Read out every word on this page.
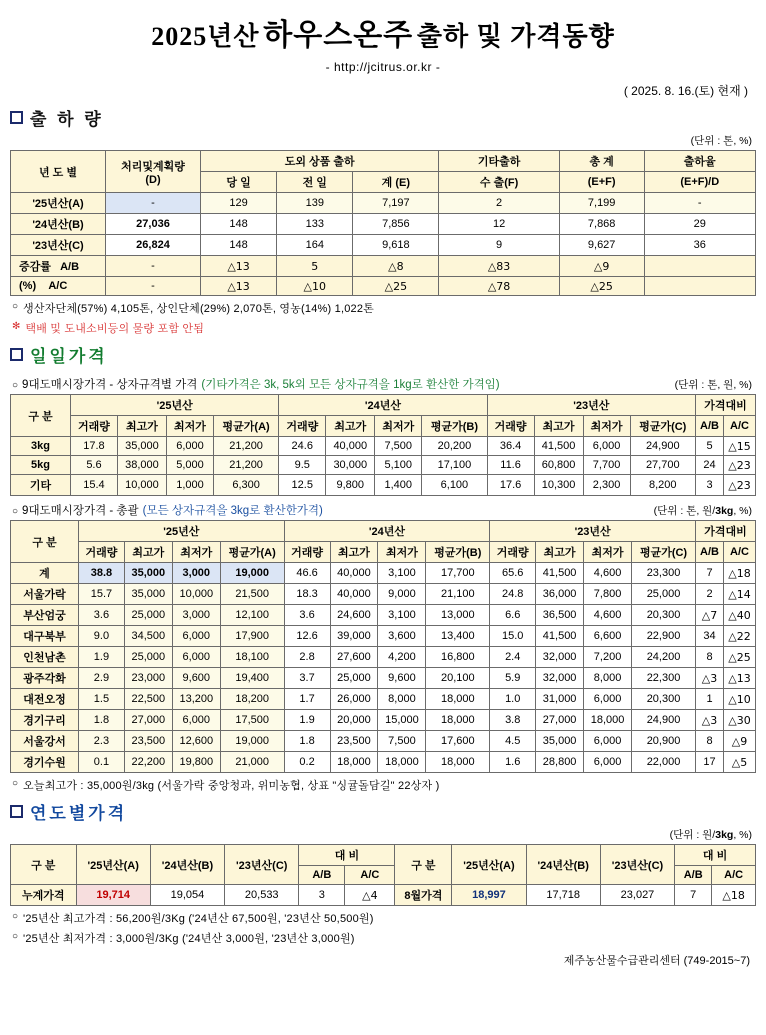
2025년산 하우스온주 출하 및 가격동향
- http://jcitrus.or.kr -
( 2025. 8. 16.(토) 현재 )
출 하 량
(단위 : 톤, %)
년 도 별	처리및계획량
(D)	도외 상품 출하			기타출하	총 계	출하율
		당 일	전 일	계 (E)	수 출(F)	(E+F)	(E+F)/D
'25년산(A)	-	129	139	7,197	2	7,199	-
'24년산(B)	27,036	148	133	7,856	12	7,868	29
'23년산(C)	26,824	148	164	9,618	9	9,627	36
증감률 A/B	-	△13	5	△8	△83	△9	
(%) A/C	-	△13	△10	△25	△78	△25	
○ 생산자단체(57%) 4,105톤, 상인단체(29%) 2,070톤, 영농(14%) 1,022톤
✻ 택배 및 도내소비등의 물량 포함 안됨
일일가격
○ 9대도매시장가격 - 상자규격별 가격 (기타가격은 3k, 5k외 모든 상자규격을 1kg로 환산한 가격임)	(단위 : 톤, 원, %)
구 분	'25년산				'24년산				'23년산				가격대비	
	거래량	최고가	최저가	평균가(A)	거래량	최고가	최저가	평균가(B)	거래량	최고가	최저가	평균가(C)	A/B	A/C
3kg	17.8	35,000	6,000	21,200	24.6	40,000	7,500	20,200	36.4	41,500	6,000	24,900	5	△15
5kg	5.6	38,000	5,000	21,200	9.5	30,000	5,100	17,100	11.6	60,800	7,700	27,700	24	△23
기타	15.4	10,000	1,000	6,300	12.5	9,800	1,400	6,100	17.6	10,300	2,300	8,200	3	△23
○ 9대도매시장가격 - 총괄 (모든 상자규격을 3kg로 환산한가격)	(단위 : 톤, 원/3kg, %)
구 분	'25년산				'24년산				'23년산				가격대비	
	거래량	최고가	최저가	평균가(A)	거래량	최고가	최저가	평균가(B)	거래량	최고가	최저가	평균가(C)	A/B	A/C
계	38.8	35,000	3,000	19,000	46.6	40,000	3,100	17,700	65.6	41,500	4,600	23,300	7	△18
서울가락	15.7	35,000	10,000	21,500	18.3	40,000	9,000	21,100	24.8	36,000	7,800	25,000	2	△14
부산엄궁	3.6	25,000	3,000	12,100	3.6	24,600	3,100	13,000	6.6	36,500	4,600	20,300	△7	△40
대구북부	9.0	34,500	6,000	17,900	12.6	39,000	3,600	13,400	15.0	41,500	6,600	22,900	34	△22
인천남촌	1.9	25,000	6,000	18,100	2.8	27,600	4,200	16,800	2.4	32,000	7,200	24,200	8	△25
광주각화	2.9	23,000	9,600	19,400	3.7	25,000	9,600	20,100	5.9	32,000	8,000	22,300	△3	△13
대전오정	1.5	22,500	13,200	18,200	1.7	26,000	8,000	18,000	1.0	31,000	6,000	20,300	1	△10
경기구리	1.8	27,000	6,000	17,500	1.9	20,000	15,000	18,000	3.8	27,000	18,000	24,900	△3	△30
서울강서	2.3	23,500	12,600	19,000	1.8	23,500	7,500	17,600	4.5	35,000	6,000	20,900	8	△9
경기수원	0.1	22,200	19,800	21,000	0.2	18,000	18,000	18,000	1.6	28,800	6,000	22,000	17	△5
○ 오늘최고가 : 35,000원/3kg (서울가락 중앙청과, 위미농협, 상표 "싱귤돌담길" 22상자 )
연도별가격
(단위 : 원/3kg, %)
구 분	'25년산(A)	'24년산(B)	'23년산(C)	대 비		구 분	'25년산(A)	'24년산(B)	'23년산(C)	대 비	
				A/B	A/C					A/B	A/C
누계가격	19,714	19,054	20,533	3	△4	8월가격	18,997	17,718	23,027	7	△18
○ '25년산 최고가격 : 56,200원/3Kg ('24년산 67,500원, '23년산 50,500원)
○ '25년산 최저가격 : 3,000원/3Kg ('24년산 3,000원, '23년산 3,000원)
제주농산물수급관리센터 (749-2015~7)
